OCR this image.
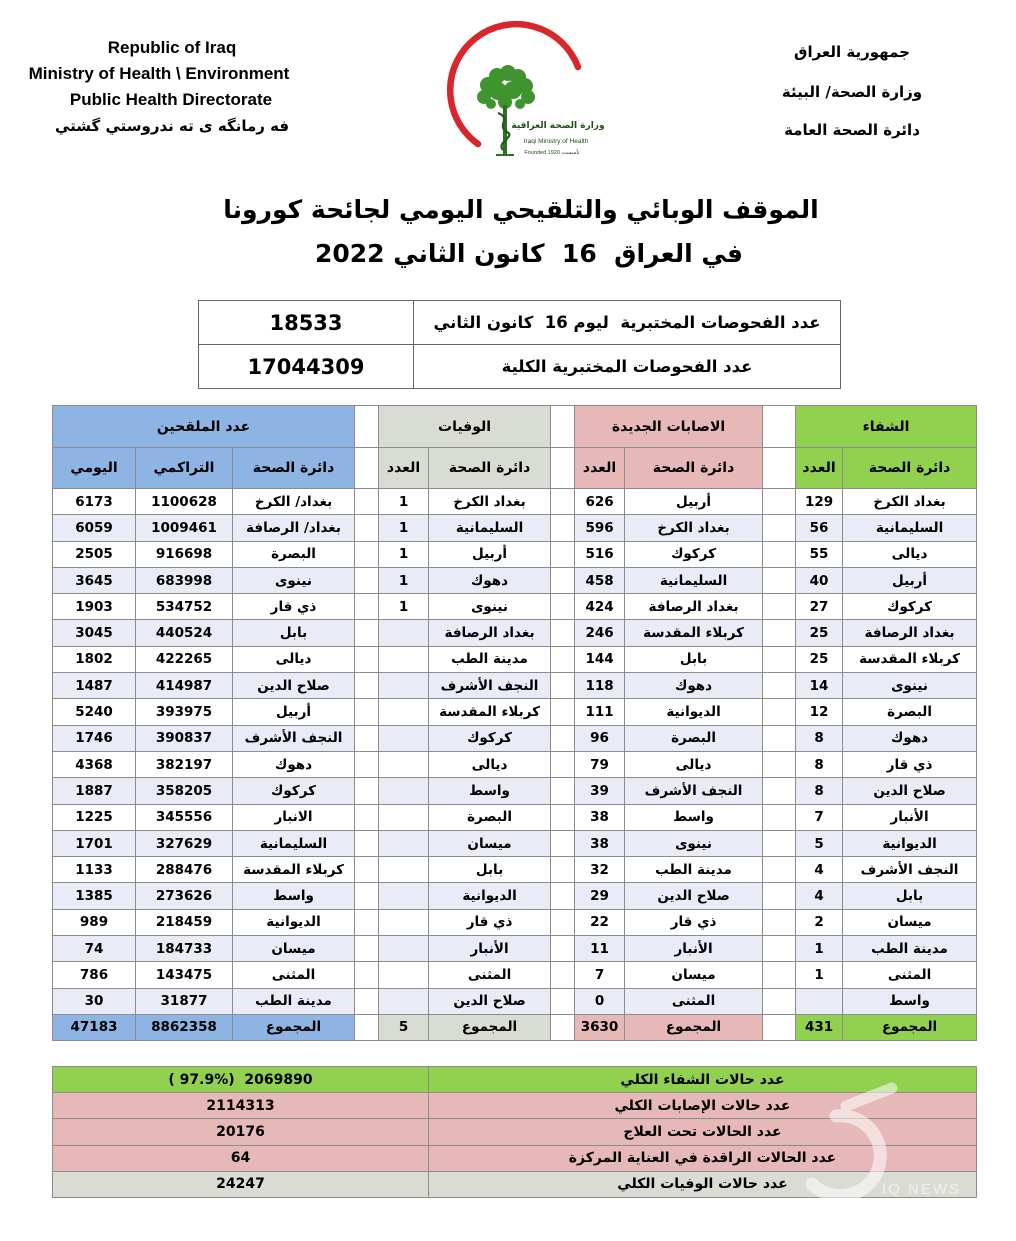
Republic of Iraq
Ministry of Health \ Environment
Public Health Directorate
فه رمانگه ى ته ندروستي گشتي
جمهورية العراق
وزارة الصحة/ البيئة
دائرة الصحة العامة
وزارة الصحة العراقية
Iraqi Ministry of Health
Founded 1920 تأسست
الموقف الوبائي والتلقيحي اليومي لجائحة كورونا
في العراق  16  كانون الثاني 2022
عدد الفحوصات المختبرية  ليوم 16  كانون الثاني	18533
عدد الفحوصات المختبرية الكلية	17044309
الشفاء			الاصابات الجديدة			الوفيات			عدد الملقحين		
دائرة الصحة	العدد		دائرة الصحة	العدد		دائرة الصحة	العدد		دائرة الصحة	التراكمي	اليومي
بغداد الكرخ	129		أربيل	626		بغداد الكرخ	1		بغداد/ الكرخ	1100628	6173
السليمانية	56		بغداد الكرخ	596		السليمانية	1		بغداد/ الرصافة	1009461	6059
ديالى	55		كركوك	516		أربيل	1		البصرة	916698	2505
أربيل	40		السليمانية	458		دهوك	1		نينوى	683998	3645
كركوك	27		بغداد الرصافة	424		نينوى	1		ذي قار	534752	1903
بغداد الرصافة	25		كربلاء المقدسة	246		بغداد الرصافة			بابل	440524	3045
كربلاء المقدسة	25		بابل	144		مدينة الطب			ديالى	422265	1802
نينوى	14		دهوك	118		النجف الأشرف			صلاح الدين	414987	1487
البصرة	12		الديوانية	111		كربلاء المقدسة			أربيل	393975	5240
دهوك	8		البصرة	96		كركوك			النجف الأشرف	390837	1746
ذي قار	8		ديالى	79		ديالى			دهوك	382197	4368
صلاح الدين	8		النجف الأشرف	39		واسط			كركوك	358205	1887
الأنبار	7		واسط	38		البصرة			الانبار	345556	1225
الديوانية	5		نينوى	38		ميسان			السليمانية	327629	1701
النجف الأشرف	4		مدينة الطب	32		بابل			كربلاء المقدسة	288476	1133
بابل	4		صلاح الدين	29		الديوانية			واسط	273626	1385
ميسان	2		ذي قار	22		ذي قار			الديوانية	218459	989
مدينة الطب	1		الأنبار	11		الأنبار			ميسان	184733	74
المثنى	1		ميسان	7		المثنى			المثنى	143475	786
واسط			المثنى	0		صلاح الدين			مدينة الطب	31877	30
المجموع	431		المجموع	3630		المجموع	5		المجموع	8862358	47183
عدد حالات الشفاء الكلي	( 97.9%)  2069890
عدد حالات الإصابات الكلي	2114313
عدد الحالات تحت العلاج	20176
عدد الحالات الراقدة في العناية المركزة	64
عدد حالات الوفيات الكلي	24247	IQ NEWS
